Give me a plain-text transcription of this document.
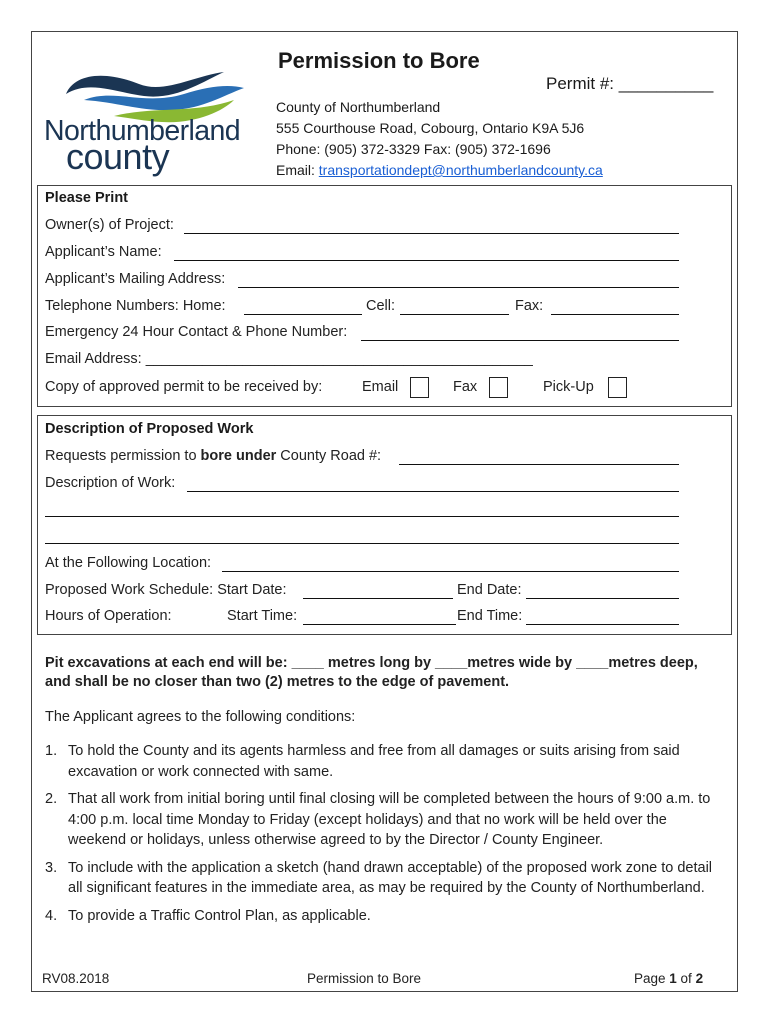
Northumberland
county
Permission to Bore
Permit #: __________
County of Northumberland
555 Courthouse Road, Cobourg, Ontario K9A 5J6
Phone: (905) 372-3329 Fax: (905) 372-1696
Email: transportationdept@northumberlandcounty.ca
Please Print
Owner(s) of Project:
Applicant’s Name:
Applicant’s Mailing Address:
Telephone Numbers: Home:	Cell:	Fax:
Emergency 24 Hour Contact & Phone Number:
Email Address: ________________________________________________
Copy of approved permit to be received by:	Email	Fax	Pick-Up
Description of Proposed Work
Requests permission to bore under County Road #:
Description of Work:
At the Following Location:
Proposed Work Schedule: Start Date:	End Date:
Hours of Operation:	Start Time:	End Time:
Pit excavations at each end will be: ____ metres long by ____metres wide by ____metres deep,
and shall be no closer than two (2) metres to the edge of pavement.
The Applicant agrees to the following conditions:
1. To hold the County and its agents harmless and free from all damages or suits arising from said excavation or work connected with same.
2. That all work from initial boring until final closing will be completed between the hours of 9:00 a.m. to 4:00 p.m. local time Monday to Friday (except holidays) and that no work will be held over the weekend or holidays, unless otherwise agreed to by the Director / County Engineer.
3. To include with the application a sketch (hand drawn acceptable) of the proposed work zone to detail all significant features in the immediate area, as may be required by the County of Northumberland.
4. To provide a Traffic Control Plan, as applicable.
RV08.2018	Permission to Bore	Page 1 of 2
